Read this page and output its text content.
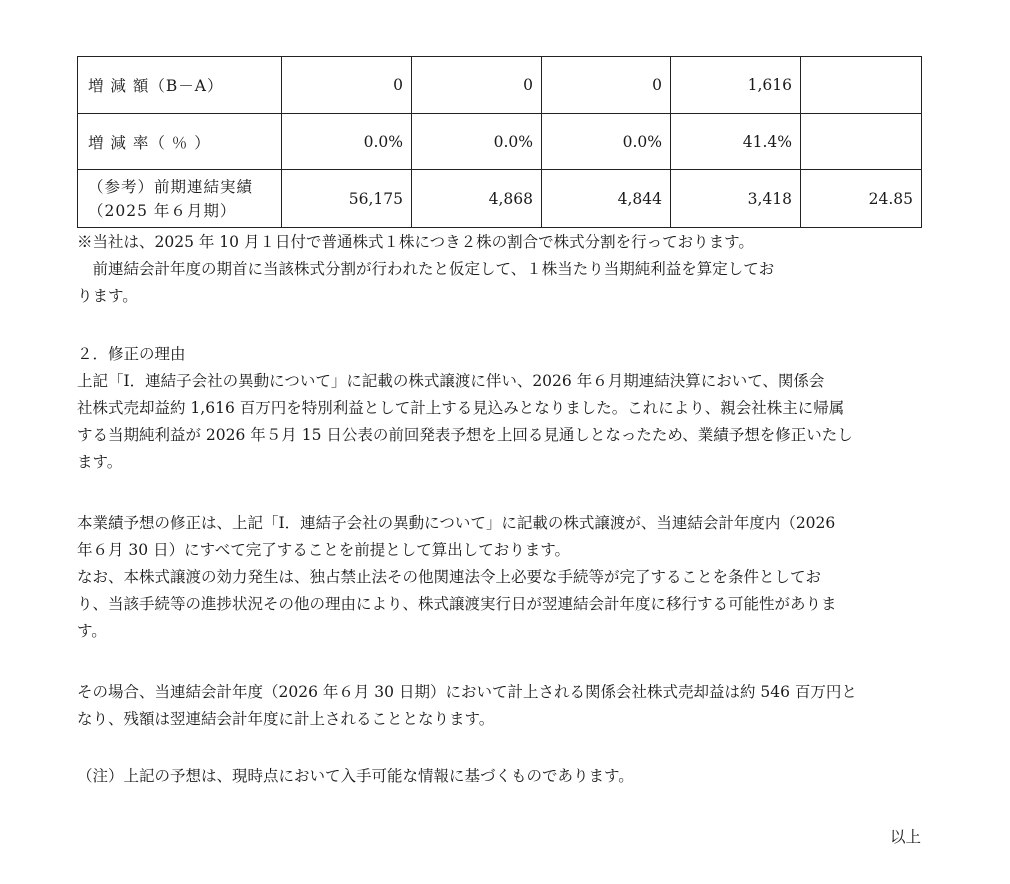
増 減 額（B－A）	0	0	0	1,616	
増 減 率（ ％ ）	0.0%	0.0%	0.0%	41.4%	

（参考）前期連結実績
（2025 年６月期）	56,175	4,868	4,844	3,418	24.85

※当社は、2025 年 10 月１日付で普通株式１株につき２株の割合で株式分割を行っております。

　前連結会計年度の期首に当該株式分割が行われたと仮定して、１株当たり当期純利益を算定してお

ります。

２．修正の理由

上記「Ⅰ．連結子会社の異動について」に記載の株式譲渡に伴い、2026 年６月期連結決算において、関係会

社株式売却益約 1,616 百万円を特別利益として計上する見込みとなりました。これにより、親会社株主に帰属

する当期純利益が 2026 年５月 15 日公表の前回発表予想を上回る見通しとなったため、業績予想を修正いたし

ます。

本業績予想の修正は、上記「Ⅰ．連結子会社の異動について」に記載の株式譲渡が、当連結会計年度内（2026

年６月 30 日）にすべて完了することを前提として算出しております。

なお、本株式譲渡の効力発生は、独占禁止法その他関連法令上必要な手続等が完了することを条件としてお

り、当該手続等の進捗状況その他の理由により、株式譲渡実行日が翌連結会計年度に移行する可能性がありま

す。

その場合、当連結会計年度（2026 年６月 30 日期）において計上される関係会社株式売却益は約 546 百万円と

なり、残額は翌連結会計年度に計上されることとなります。

（注）上記の予想は、現時点において入手可能な情報に基づくものであります。

以上
